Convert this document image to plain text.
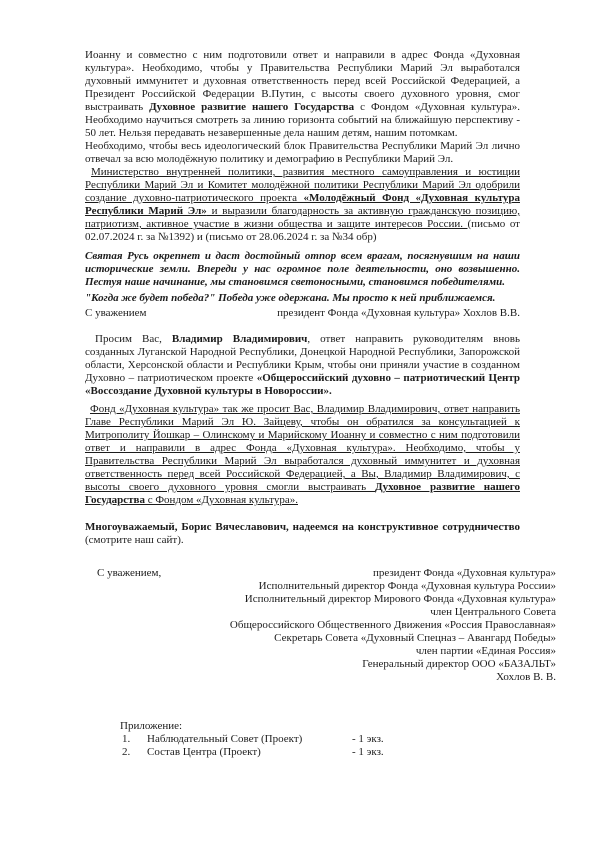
Иоанну и совместно с ним подготовили ответ и направили в адрес Фонда «Духовная культура». Необходимо, чтобы у Правительства Республики Марий Эл выработался духовный иммунитет и духовная ответственность перед всей Российской Федерацией, а Президент Российской Федерации В.Путин, с высоты своего духовного уровня, смог выстраивать Духовное развитие нашего Государства с Фондом «Духовная культура». Необходимо научиться смотреть за линию горизонта событий на ближайшую перспективу - 50 лет. Нельзя передавать незавершенные дела нашим детям, нашим потомкам.
Необходимо, чтобы весь идеологический блок Правительства Республики Марий Эл лично отвечал за всю молодёжную политику и демографию в Республики Марий Эл.
Министерство внутренней политики, развития местного самоуправления и юстиции Республики Марий Эл и Комитет молодёжной политики Республики Марий Эл одобрили создание духовно-патриотического проекта «Молодёжный Фонд «Духовная культура Республики Марий Эл» и выразили благодарность за активную гражданскую позицию, патриотизм, активное участие в жизни общества и защите интересов России. (письмо от 02.07.2024 г. за №1392) и (письмо от 28.06.2024 г. за №34 обр)
Святая Русь окрепнет и даст достойный отпор всем врагам, посягнувшим на наши исторические земли. Впереди у нас огромное поле деятельности, оно возвышенно. Пестуя наше начинание, мы становимся светоносными, становимся победителями.
"Когда же будет победа?" Победа уже одержана. Мы просто к ней приближаемся.
С уважением	президент Фонда «Духовная культура» Хохлов В.В.
Просим Вас, Владимир Владимирович, ответ направить руководителям вновь созданных Луганской Народной Республики, Донецкой Народной Республики, Запорожской области, Херсонской области и Республики Крым, чтобы они приняли участие в созданном Духовно – патриотическом проекте «Общероссийский духовно – патриотический Центр «Воссоздание Духовной культуры в Новороссии».
Фонд «Духовная культура» так же просит Вас, Владимир Владимирович, ответ направить Главе Республики Марий Эл Ю. Зайцеву, чтобы он обратился за консультацией к Митрополиту Йошкар – Олинскому и Марийскому Иоанну и совместно с ним подготовили ответ и направили в адрес Фонда «Духовная культура». Необходимо, чтобы у Правительства Республики Марий Эл выработался духовный иммунитет и духовная ответственность перед всей Российской Федерацией, а Вы, Владимир Владимирович, с высоты своего духовного уровня смогли выстраивать Духовное развитие нашего Государства с Фондом «Духовная культура».
Многоуважаемый, Борис Вячеславович, надеемся на конструктивное сотрудничество (смотрите наш сайт).
С уважением,	президент Фонда «Духовная культура»
Исполнительный директор Фонда «Духовная культура России»
Исполнительный директор Мирового Фонда «Духовная культура»
член Центрального Совета
Общероссийского Общественного Движения «Россия Православная»
Секретарь Совета «Духовный Спецназ – Авангард Победы»
член партии «Единая Россия»
Генеральный директор ООО «БАЗАЛЬТ»
Хохлов В. В.
Приложение:
1.	Наблюдательный Совет (Проект)	- 1 экз.
2.	Состав Центра (Проект)	- 1 экз.
